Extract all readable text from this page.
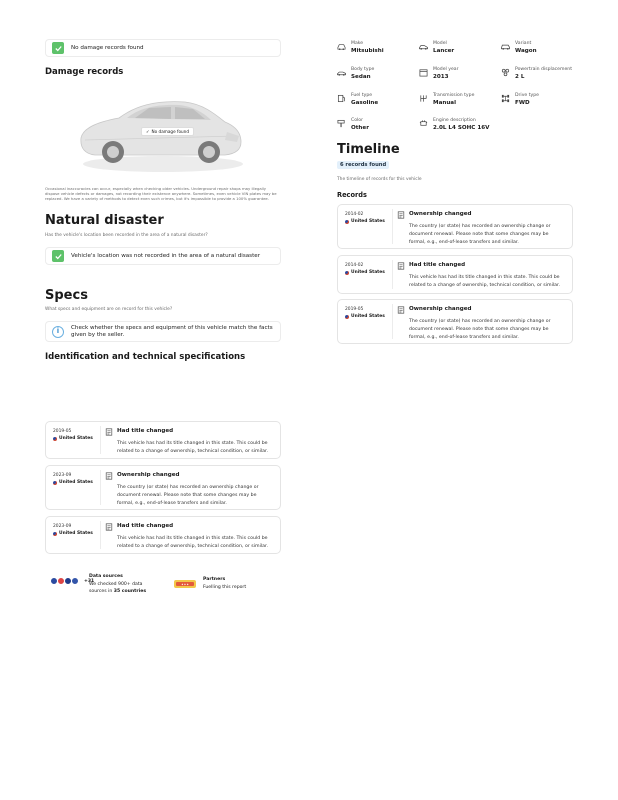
No damage records found
Damage records
✓ No damage found
Occasional inaccuracies can occur, especially when checking older vehicles. Underground repair shops may illegally dispose vehicle defects or damages, not recording their existence anywhere. Sometimes, even vehicle VIN plates may be replaced. We have a variety of methods to detect even such crimes, but it's impossible to provide a 100% guarantee.
Natural disaster
Has the vehicle's location been recorded in the area of a natural disaster?
Vehicle's location was not recorded in the area of a natural disaster
Specs
What specs and equipment are on record for this vehicle?
i Check whether the specs and equipment of this vehicle match the facts given by the seller.
Identification and technical specifications
2019-05
United States
Had title changed
This vehicle has had its title changed in this state. This could be related to a change of ownership, technical condition, or similar.
2023-09
United States
Ownership changed
The country (or state) has recorded an ownership change or document renewal. Please note that some changes may be formal, e.g., end-of-lease transfers and similar.
2023-09
United States
Had title changed
This vehicle has had its title changed in this state. This could be related to a change of ownership, technical condition, or similar.
+31
Data sources
We checked 900+ data
sources in 35 countries
✦✦✦
Partners
Fuelling this report
Make
Mitsubishi
Model
Lancer
Variant
Wagon
Body type
Sedan
Model year
2013
Powertrain displacement
2 L
Fuel type
Gasoline
Transmission type
Manual
Drive type
FWD
Color
Other
Engine description
2.0L L4 SOHC 16V
Timeline
6 records found
The timeline of records for this vehicle
Records
2014-02
United States
Ownership changed
The country (or state) has recorded an ownership change or document renewal. Please note that some changes may be formal, e.g., end-of-lease transfers and similar.
2014-02
United States
Had title changed
This vehicle has had its title changed in this state. This could be related to a change of ownership, technical condition, or similar.
2019-05
United States
Ownership changed
The country (or state) has recorded an ownership change or document renewal. Please note that some changes may be formal, e.g., end-of-lease transfers and similar.
